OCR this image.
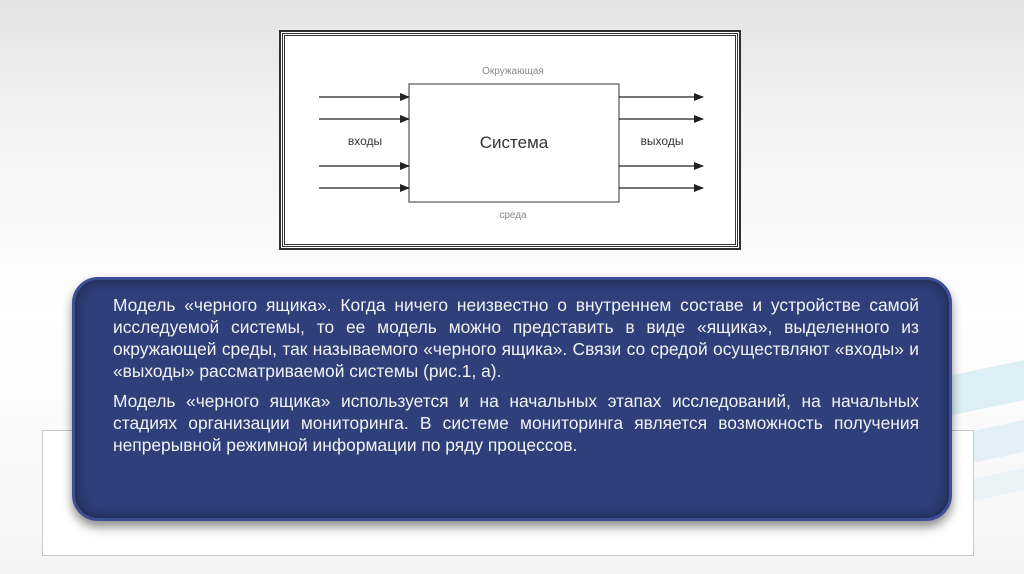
Окружающая
Система
среда
входы	выходы

Модель «черного ящика». Когда ничего неизвестно о внутреннем составе и устройстве самой исследуемой системы, то ее модель можно представить в виде «ящика», выделенного из окружающей среды, так называемого «черного ящика». Связи со средой осуществляют «входы» и «выходы» рассматриваемой системы (рис.1, а).

Модель «черного ящика» используется и на начальных этапах исследований, на начальных стадиях организации мониторинга. В системе мониторинга является возможность получения непрерывной режимной информации по ряду процессов.
